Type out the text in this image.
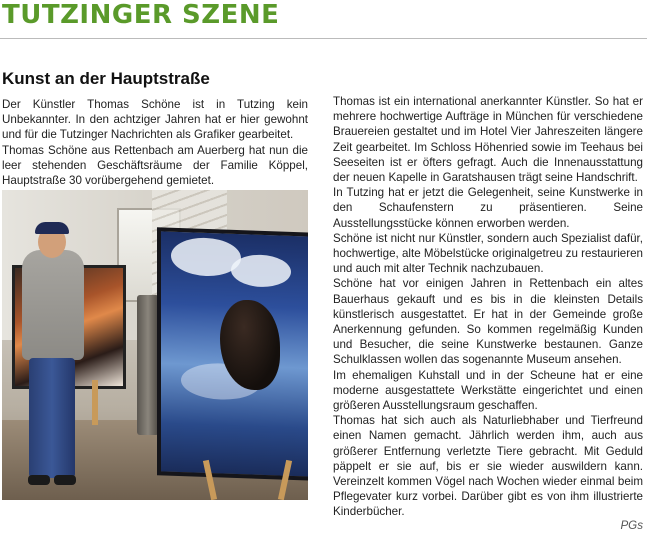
TUTZINGER SZENE
Kunst an der Hauptstraße

Der Künstler Thomas Schöne ist in Tutzing kein Unbekannter. In den achtziger Jahren hat er hier gewohnt und für die Tutzinger Nachrichten als Grafiker gearbeitet.

Thomas Schöne aus Rettenbach am Auerberg hat nun die leer stehenden Geschäftsräume der Familie Köppel, Hauptstraße 30 vorübergehend gemietet.

Thomas ist ein international anerkannter Künstler. So hat er mehrere hochwertige Aufträge in München für verschiedene Brauereien gestaltet und im Hotel Vier Jahreszeiten längere Zeit gearbeitet. Im Schloss Höhenried sowie im Teehaus bei Seeseiten ist er öfters gefragt. Auch die Innenausstattung der neuen Kapelle in Garatshausen trägt seine Handschrift.

In Tutzing hat er jetzt die Gelegenheit, seine Kunstwerke in den Schaufenstern zu präsentieren. Seine Ausstellungsstücke können erworben werden.

Schöne ist nicht nur Künstler, sondern auch Spezialist dafür, hochwertige, alte Möbelstücke originalgetreu zu restaurieren und auch mit alter Technik nachzubauen.

Schöne hat vor einigen Jahren in Rettenbach ein altes Bauerhaus gekauft und es bis in die kleinsten Details künstlerisch ausgestattet. Er hat in der Gemeinde große Anerkennung gefunden. So kommen regelmäßig Kunden und Besucher, die seine Kunstwerke bestaunen. Ganze Schulklassen wollen das sogenannte Museum ansehen.

Im ehemaligen Kuhstall und in der Scheune hat er eine moderne ausgestattete Werkstätte eingerichtet und einen größeren Ausstellungsraum geschaffen.

Thomas hat sich auch als Naturliebhaber und Tierfreund einen Namen gemacht. Jährlich werden ihm, auch aus größerer Entfernung verletzte Tiere gebracht. Mit Geduld päppelt er sie auf, bis er sie wieder auswildern kann. Vereinzelt kommen Vögel nach Wochen wieder einmal beim Pflegevater kurz vorbei. Darüber gibt es von ihm illustrierte Kinderbücher.

PGs
